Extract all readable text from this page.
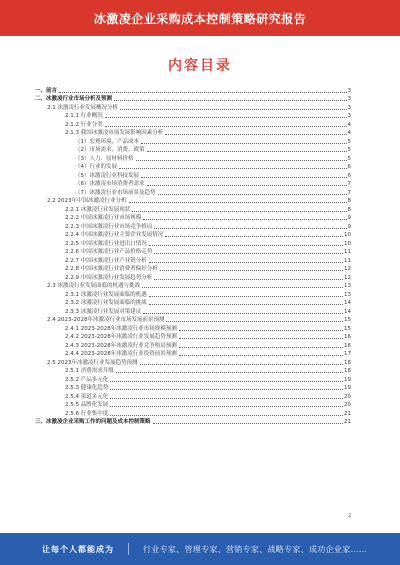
冰激凌企业采购成本控制策略研究报告
内容目录
一、前言	3
二、冰激凌行业市场分析及预测	3
2.1 冰激凌行业发展概况分析	3
2.1.1 行业概况	3
2.1.2 行业分类	4
2.1.3 我国冰激凌市场发展影响因素分析	4
（1）宏观环境、产品成本	5
（2）市场需求、消费、政策	5
（3）人力、原材料价格	5
（4）行业的发展	6
（5）冰激凌行业科技发展	6
（6）冰激凌市场消费者需求	7
（7）冰激凌行业市场前景及趋势	7
2.2 2023年中国冰激凌行业分析	8
2.2.1 冰激凌行业发展现状	8
2.2.2 中国冰激凌行业市场规模	9
2.2.3 中国冰激凌行业市场竞争格局	9
2.2.4 中国冰激凌行业主要企业发展情况	10
2.2.5 中国冰激凌行业进出口情况	10
2.2.6 中国冰激凌行业产品价格走势	11
2.2.7 中国冰激凌行业产业链分析	11
2.2.8 中国冰激凌行业消费者偏好分析	12
2.2.9 中国冰激凌行业发展趋势分析	12
2.3 冰激凌行业发展面临的机遇与挑战	13
2.3.1 冰激凌行业发展面临的机遇	13
2.3.2 冰激凌行业发展面临的挑战	14
2.3.3 冰激凌行业发展对策建议	14
2.4 2023-2028年冰激凌行业市场发展前景预测	15
2.4.1 2023-2028年冰激凌行业市场规模预测	15
2.4.2 2023-2028年冰激凌行业发展趋势预测	16
2.4.3 2023-2028年冰激凌行业竞争格局预测	16
2.4.4 2023-2028年冰激凌行业投资前景预测	17
2.5 2023年冰激凌行业发展趋势预测	18
2.5.1 消费需求升级	18
2.5.2 产品多元化	19
2.5.3 健康化趋势	19
2.5.4 渠道多元化	20
2.5.5 品牌化发展	20
2.5.6 行业集中度	21
三、冰激凌企业采购工作的问题及成本控制策略	21
2
让每个人都能成为	行业专家、管理专家、营销专家、战略专家、成功企业家……
